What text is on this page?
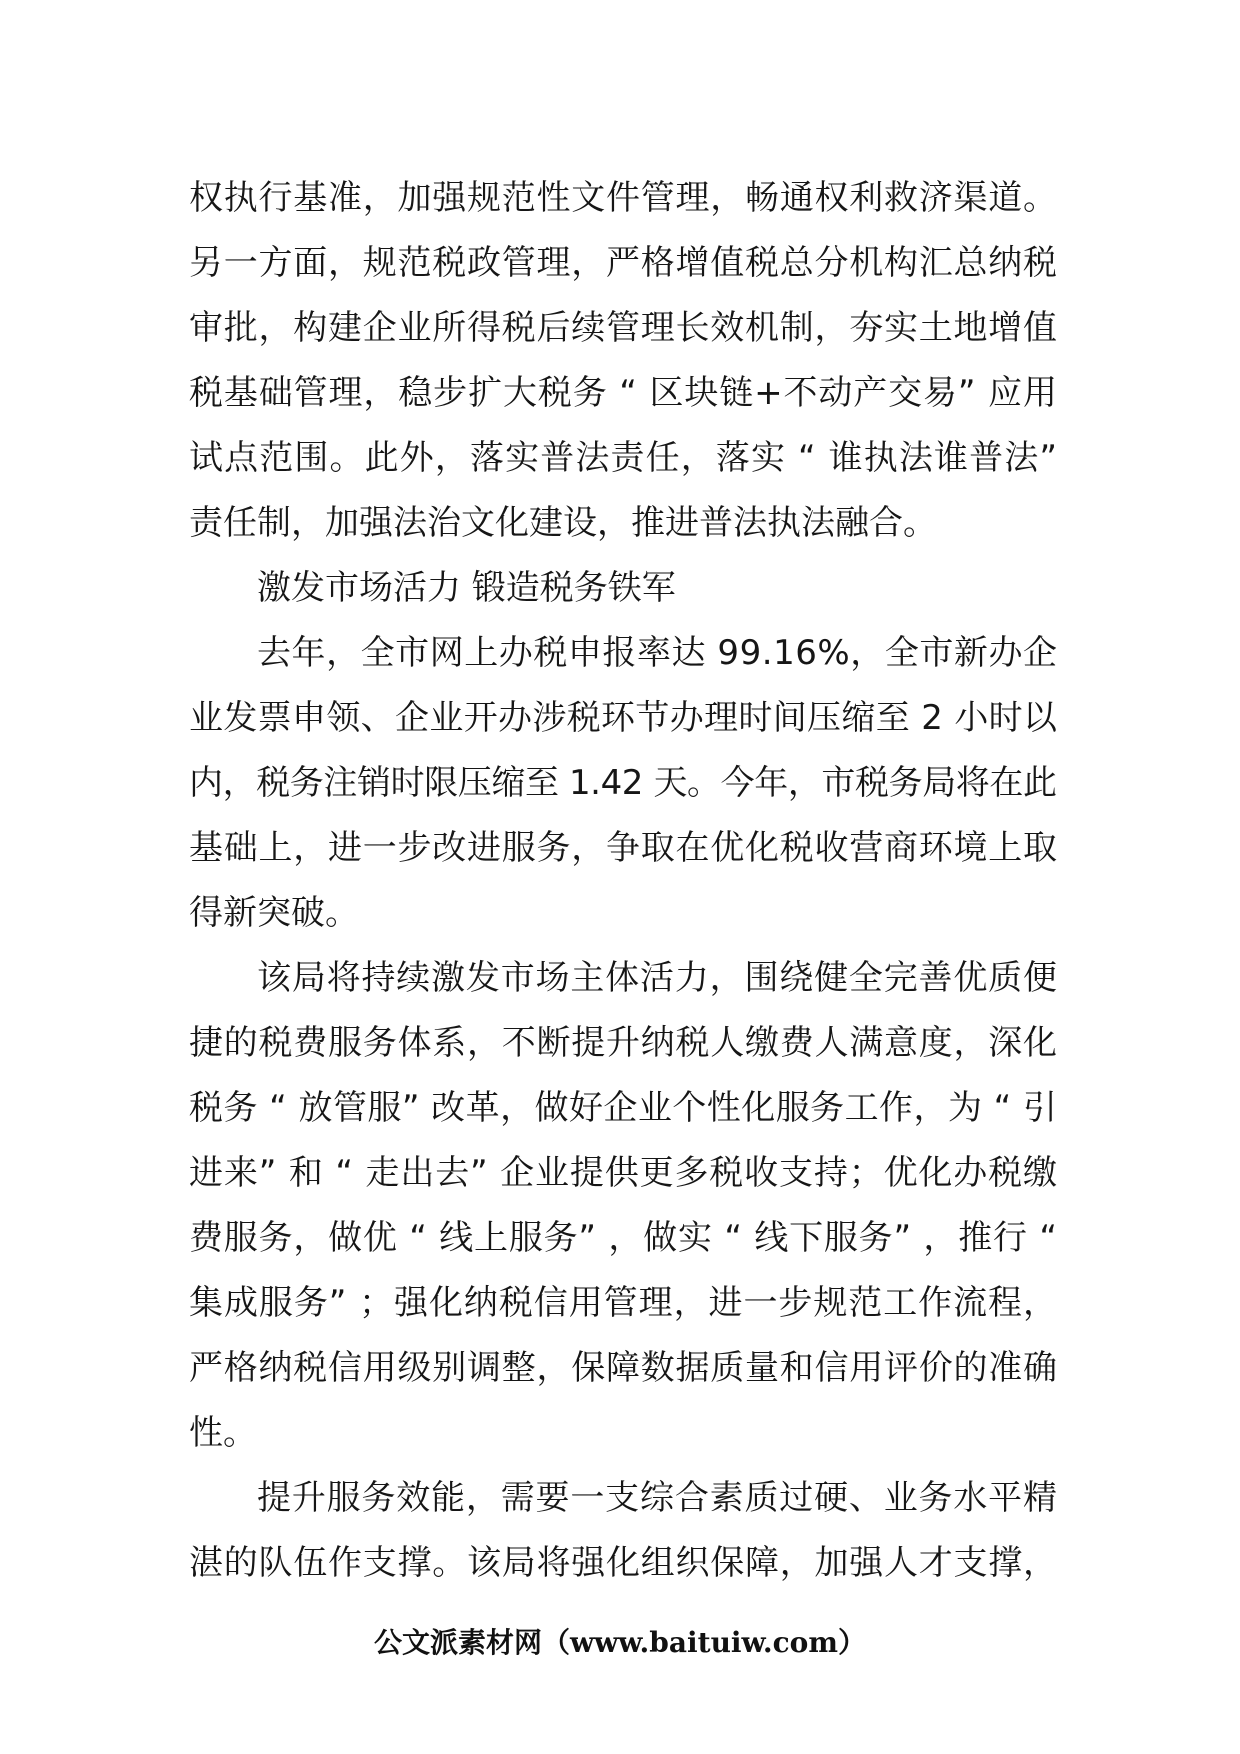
权执行基准，加强规范性文件管理，畅通权利救济渠道。
另一方面，规范税政管理，严格增值税总分机构汇总纳税
审批，构建企业所得税后续管理长效机制，夯实土地增值
税基础管理，稳步扩大税务 “ 区块链+不动产交易” 应用
试点范围。此外，落实普法责任，落实 “ 谁执法谁普法”
责任制，加强法治文化建设，推进普法执法融合。
激发市场活力 锻造税务铁军
去年，全市网上办税申报率达 99.16%，全市新办企
业发票申领、企业开办涉税环节办理时间压缩至 2 小时以
内，税务注销时限压缩至 1.42 天。今年，市税务局将在此
基础上，进一步改进服务，争取在优化税收营商环境上取
得新突破。
该局将持续激发市场主体活力，围绕健全完善优质便
捷的税费服务体系，不断提升纳税人缴费人满意度，深化
税务 “ 放管服” 改革，做好企业个性化服务工作，为 “ 引
进来” 和 “ 走出去” 企业提供更多税收支持；优化办税缴
费服务，做优 “ 线上服务” ，做实 “ 线下服务” ，推行 “
集成服务” ；强化纳税信用管理，进一步规范工作流程，
严格纳税信用级别调整，保障数据质量和信用评价的准确
性。
提升服务效能，需要一支综合素质过硬、业务水平精
湛的队伍作支撑。该局将强化组织保障，加强人才支撑，
公文派素材网（www.baituiw.com）
